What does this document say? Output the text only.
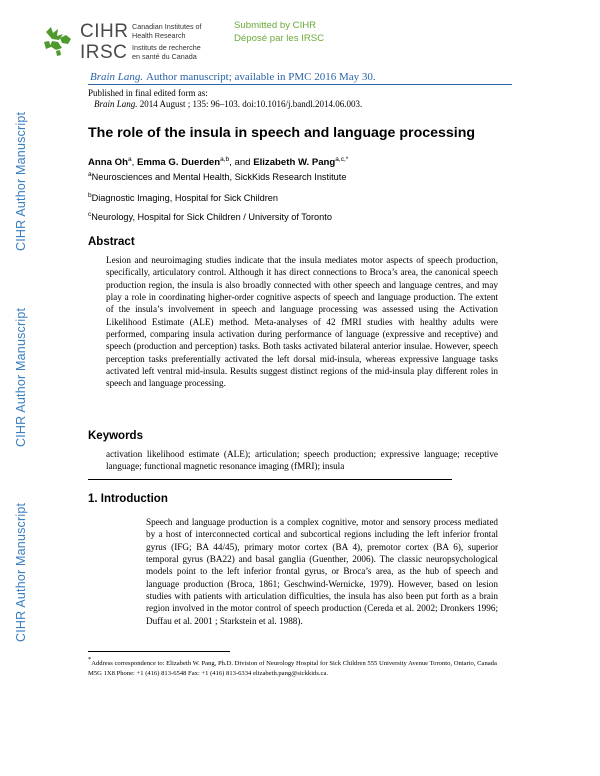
CIHR Author Manuscript
CIHR Author Manuscript
CIHR Author Manuscript
CIHR
IRSC
Canadian Institutes of
Health Research
Instituts de recherche
en santé du Canada
Submitted by CIHR
Déposé par les IRSC
Brain Lang. Author manuscript; available in PMC 2016 May 30.
Published in final edited form as:
Brain Lang. 2014 August ; 135: 96–103. doi:10.1016/j.bandl.2014.06.003.
The role of the insula in speech and language processing
Anna Oh$^a$, Emma G. Duerden$^{a,b}$, and Elizabeth W. Pang$^{a,c,*}$
$^a$Neurosciences and Mental Health, SickKids Research Institute
$^b$Diagnostic Imaging, Hospital for Sick Children
$^c$Neurology, Hospital for Sick Children / University of Toronto
Abstract

Lesion and neuroimaging studies indicate that the insula mediates motor aspects of speech production, specifically, articulatory control. Although it has direct connections to Broca’s area, the canonical speech production region, the insula is also broadly connected with other speech and language centres, and may play a role in coordinating higher-order cognitive aspects of speech and language production. The extent of the insula’s involvement in speech and language processing was assessed using the Activation Likelihood Estimate (ALE) method. Meta-analyses of 42 fMRI studies with healthy adults were performed, comparing insula activation during performance of language (expressive and receptive) and speech (production and perception) tasks. Both tasks activated bilateral anterior insulae. However, speech perception tasks preferentially activated the left dorsal mid-insula, whereas expressive language tasks activated left ventral mid-insula. Results suggest distinct regions of the mid-insula play different roles in speech and language processing.

Keywords

activation likelihood estimate (ALE); articulation; speech production; expressive language; receptive language; functional magnetic resonance imaging (fMRI); insula

1. Introduction

Speech and language production is a complex cognitive, motor and sensory process mediated by a host of interconnected cortical and subcortical regions including the left inferior frontal gyrus (IFG; BA 44/45), primary motor cortex (BA 4), premotor cortex (BA 6), superior temporal gyrus (BA22) and basal ganglia (Guenther, 2006). The classic neuropsychological models point to the left inferior frontal gyrus, or Broca’s area, as the hub of speech and language production (Broca, 1861; Geschwind-Wernicke, 1979). However, based on lesion studies with patients with articulation difficulties, the insula has also been put forth as a brain region involved in the motor control of speech production (Cereda et al. 2002; Dronkers 1996; Duffau et al. 2001 ; Starkstein et al. 1988).

*Address correspondence to: Elizabeth W. Pang, Ph.D. Division of Neurology Hospital for Sick Children 555 University Avenue Toronto, Ontario, Canada M5G 1X8 Phone: +1 (416) 813-6548 Fax: +1 (416) 813-6334 elizabeth.pang@sickkids.ca.
